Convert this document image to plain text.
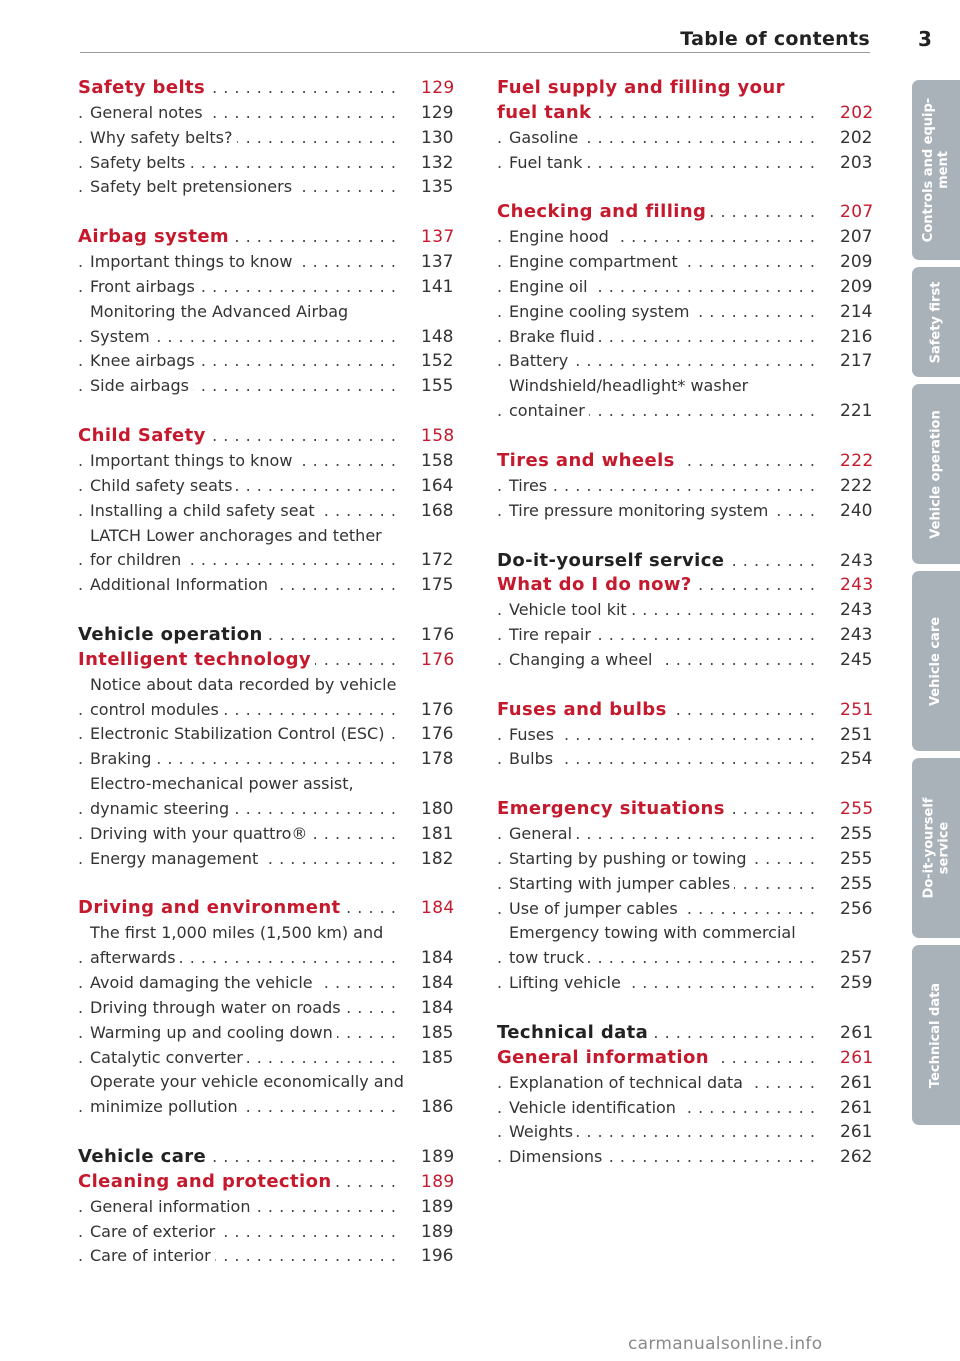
Table of contents 3
. . .
Safety belts	129
. . .
General notes	129
. . .
Why safety belts?	130
. . .
Safety belts	132
. . .
Safety belt pretensioners	135
. . .
Airbag system	137
. . .
Important things to know	137
. . .
Front airbags	141
Monitoring the Advanced Airbag
. . .
System	148
. . .
Knee airbags	152
. . .
Side airbags	155
. . .
Child Safety	158
. . .
Important things to know	158
. . .
Child safety seats	164
. . .
Installing a child safety seat	168
LATCH Lower anchorages and tether
. . .
for children	172
. . .
Additional Information	175
. . .
Vehicle operation	176
. . .
Intelligent technology	176
Notice about data recorded by vehicle
. . .
control modules	176
. . .
Electronic Stabilization Control (ESC) 176
. . .
Braking	178
Electro-mechanical power assist,
. . .
dynamic steering	180
. . .
Driving with your quattro®	181
. . .
Energy management	182
. . .
Driving and environment	184
The first 1,000 miles (1,500 km) and
. . .
afterwards	184
. . .
Avoid damaging the vehicle	184
. . .
Driving through water on roads	184
. . .
Warming up and cooling down	185
. . .
Catalytic converter	185
Operate your vehicle economically and
. . .
minimize pollution	186
. . .
Vehicle care	189
. . .
Cleaning and protection	189
. . .
General information	189
. . .
Care of exterior	189
. . .
Care of interior	196
Fuel supply and filling your
. . .
fuel tank	202
. . .
Gasoline	202
. . .
Fuel tank	203
. . .
Checking and filling	207
. . .
Engine hood	207
. . .
Engine compartment	209
. . .
Engine oil	209
. . .
Engine cooling system	214
. . .
Brake fluid	216
. . .
Battery	217
Windshield/headlight* washer
. . .
container	221
. . .
Tires and wheels	222
. . .
Tires	222
. . .
Tire pressure monitoring system	240
. . .
Do-it-yourself service	243
. . .
What do I do now?	243
. . .
Vehicle tool kit	243
. . .
Tire repair	243
. . .
Changing a wheel	245
. . .
Fuses and bulbs	251
. . .
Fuses	251
. . .
Bulbs	254
. . .
Emergency situations	255
. . .
General	255
. . .
Starting by pushing or towing	255
. . .
Starting with jumper cables	255
. . .
Use of jumper cables	256
Emergency towing with commercial
. . .
tow truck	257
. . .
Lifting vehicle	259
. . .
Technical data	261
. . .
General information	261
. . .
Explanation of technical data	261
. . .
Vehicle identification	261
. . .
Weights	261
. . .
Dimensions	262
Controls and equip-
ment
Safety first
Vehicle operation
Vehicle care
Do-it-yourself
service
Technical data
carmanualsonline.info
